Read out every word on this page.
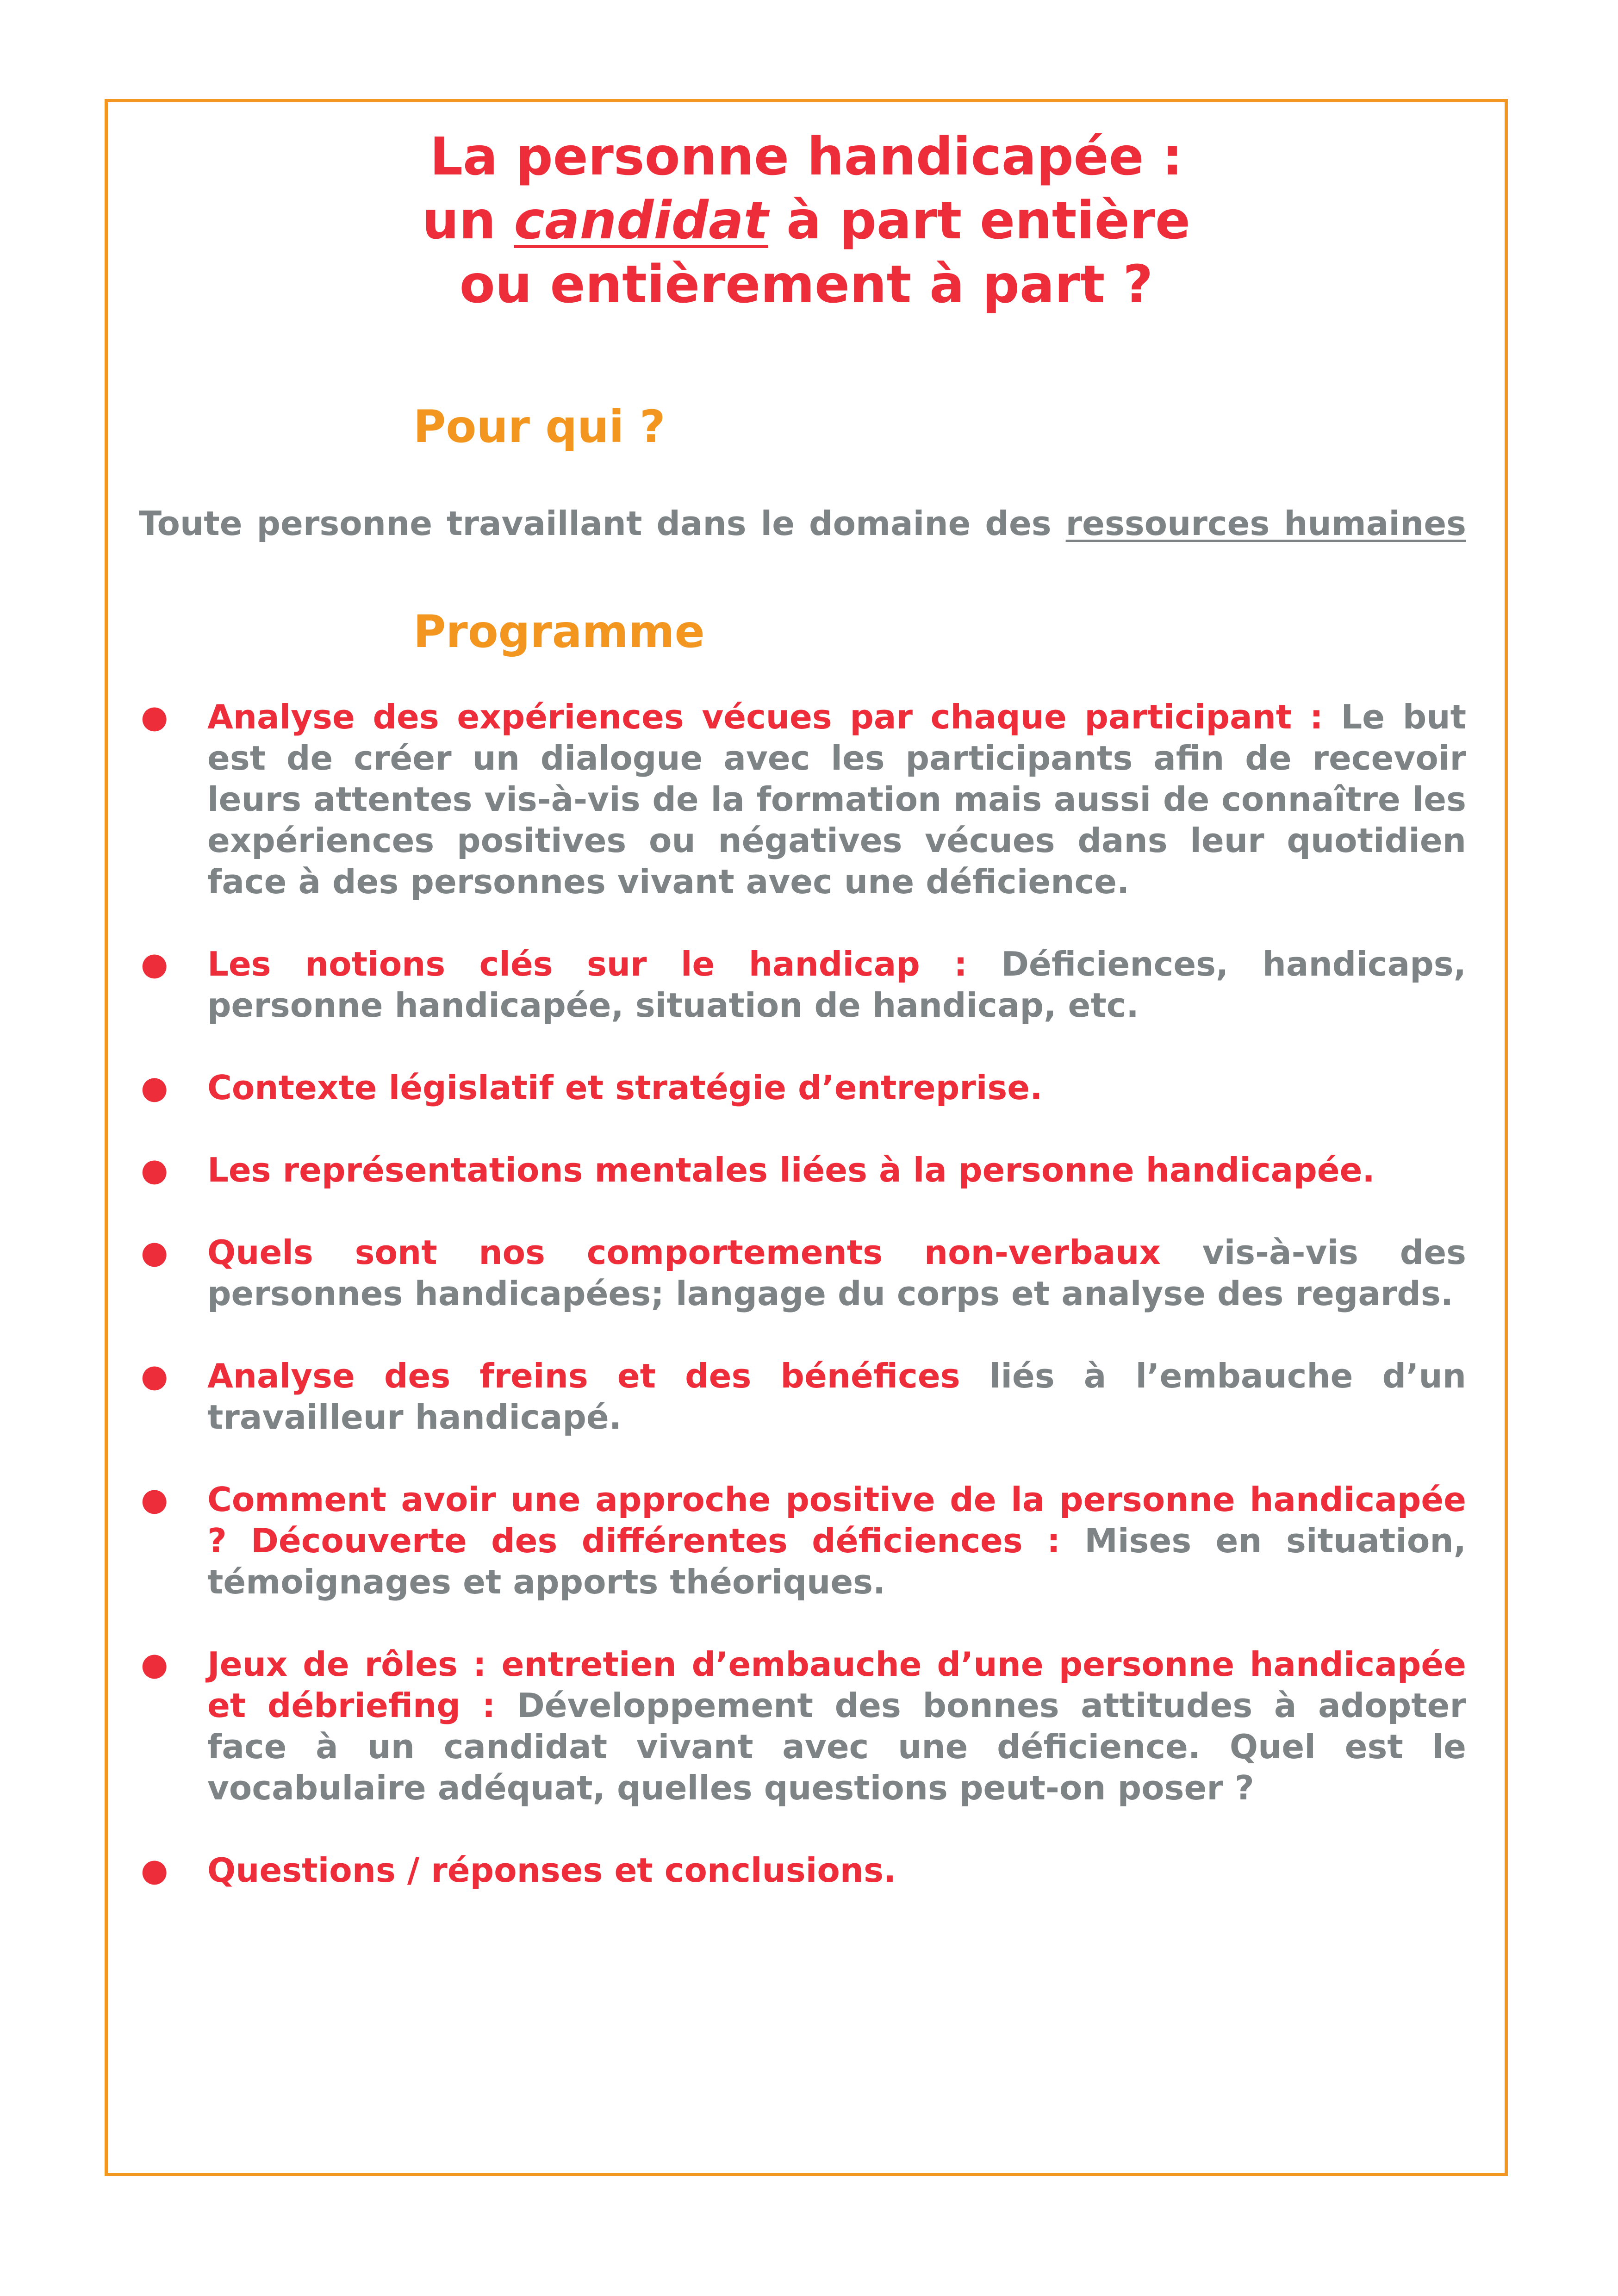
La personne handicapée :
un candidat à part entière
ou entièrement à part ?
Pour qui ?
Toute personne travaillant dans le domaine des ressources humaines
Programme
● Analyse des expériences vécues par chaque participant : Le but est de créer un dialogue avec les participants afin de recevoir leurs attentes vis-à-vis de la formation mais aussi de connaître les expériences positives ou négatives vécues dans leur quotidien face à des personnes vivant avec une déficience.
● Les notions clés sur le handicap : Déficiences, handicaps, personne handicapée, situation de handicap, etc.
● Contexte législatif et stratégie d’entreprise.
● Les représentations mentales liées à la personne handicapée.
● Quels sont nos comportements non-verbaux vis-à-vis des personnes handicapées; langage du corps et analyse des regards.
● Analyse des freins et des bénéfices liés à l’embauche d’un travailleur handicapé.
● Comment avoir une approche positive de la personne handicapée ? Découverte des différentes déficiences : Mises en situation, témoignages et apports théoriques.
● Jeux de rôles : entretien d’embauche d’une personne handicapée et débriefing : Développement des bonnes attitudes à adopter face à un candidat vivant avec une déficience. Quel est le vocabulaire adéquat, quelles questions peut-on poser ?
● Questions / réponses et conclusions.
